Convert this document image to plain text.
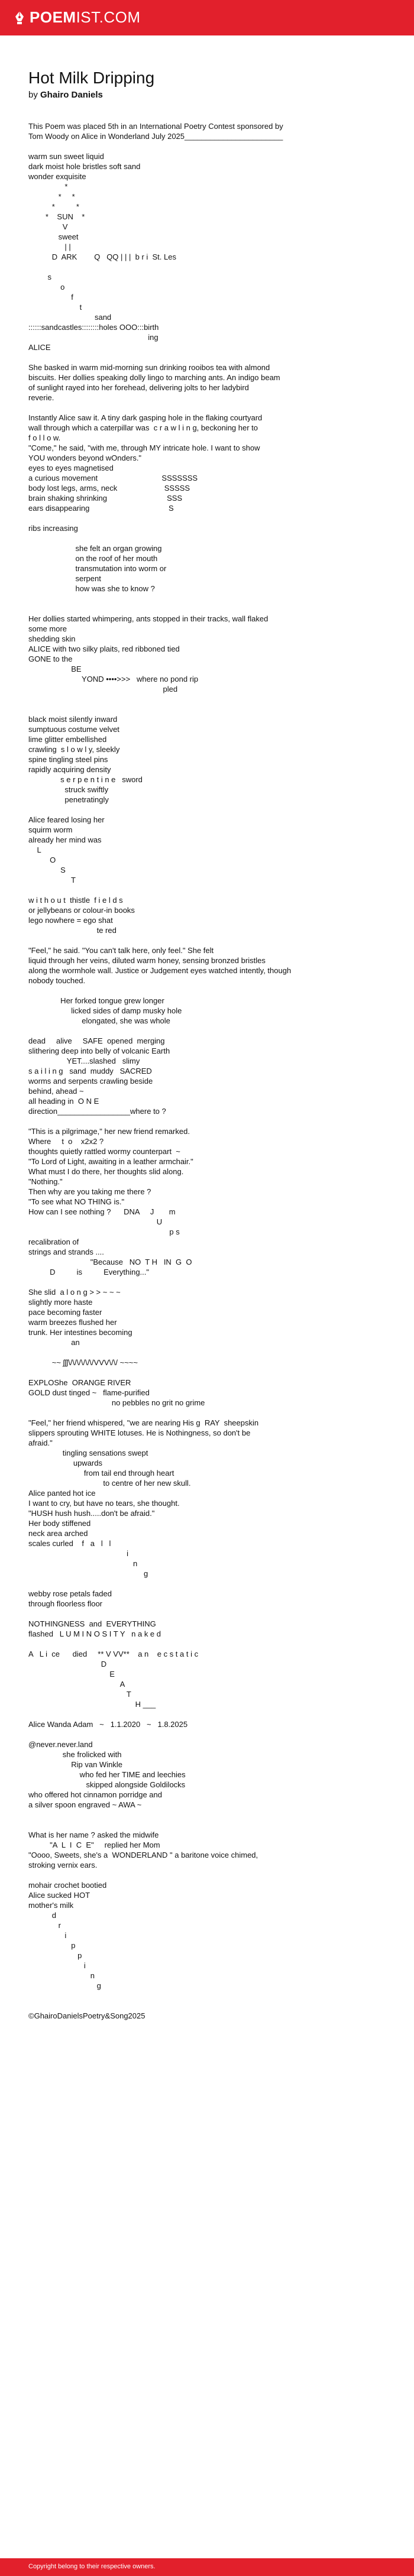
POEMIST.COM
Hot Milk Dripping

by Ghairo Daniels

This Poem was placed 5th in an International Poetry Contest sponsored by
Tom Woody on Alice in Wonderland July 2025_______________________

warm sun sweet liquid
dark moist hole bristles soft sand
wonder exquisite
*
*     *
*          *
*    SUN    *
V
sweet
| |
D  ARK        Q   QQ | | |  b r i  St. Les

s
o
f
t
sand
::::::sandcastles::::::::holes OOO:::birth
ing
ALICE

She basked in warm mid-morning sun drinking rooibos tea with almond
biscuits. Her dollies speaking dolly lingo to marching ants. An indigo beam
of sunlight rayed into her forehead, delivering jolts to her ladybird
reverie.

Instantly Alice saw it. A tiny dark gasping hole in the flaking courtyard
wall through which a caterpillar was  c r a w l i n g, beckoning her to
f o l l o w.
"Come," he said, "with me, through MY intricate hole. I want to show
YOU wonders beyond wOnders."
eyes to eyes magnetised
a curious movement                              SSSSSSS
body lost legs, arms, neck                      SSSSS
brain shaking shrinking                            SSS
ears disappearing                                     S

ribs increasing

she felt an organ growing
on the roof of her mouth
transmutation into worm or
serpent
how was she to know ?

Her dollies started whimpering, ants stopped in their tracks, wall flaked
some more
shedding skin
ALICE with two silky plaits, red ribboned tied
GONE to the
BE
YOND ••••>>>   where no pond rip
pled

black moist silently inward
sumptuous costume velvet
lime glitter embellished
crawling  s l o w l y, sleekly
spine tingling steel pins
rapidly acquiring density
s e r p e n t i n e   sword
struck swiftly
penetratingly

Alice feared losing her
squirm worm
already her mind was
L
O
S
T

w i t h o u t  thistle  f i e l d s
or jellybeans or colour-in books
lego nowhere = ego shat
te red

"Feel," he said. "You can't talk here, only feel." She felt
liquid through her veins, diluted warm honey, sensing bronzed bristles
along the wormhole wall. Justice or Judgement eyes watched intently, though
nobody touched.

Her forked tongue grew longer
licked sides of damp musky hole
elongated, she was whole

dead     alive     SAFE  opened  merging
slithering deep into belly of volcanic Earth
YET....slashed   slimy
s a i l i n g   sand  muddy   SACRED
worms and serpents crawling beside
behind, ahead ~
all heading in  O N E
direction_________________where to ?

"This is a pilgrimage," her new friend remarked.
Where     t  o    x2x2 ?
thoughts quietly rattled wormy counterpart  ~
"To Lord of Light, awaiting in a leather armchair."
What must I do there, her thoughts slid along.
"Nothing."
Then why are you taking me there ?
"To see what NO THING is."
How can I see nothing ?      DNA     J       m
U
p s
recalibration of
strings and strands ....
"Because   NO  T H   IN  G  O
D          is          Everything..."

She slid  a l o n g > > ~ ~ ~
slightly more haste
pace becoming faster
warm breezes flushed her
trunk. Her intestines becoming
an

~~ ʃʃʃ\/\/\/\/\/\/VVV\/\/ ~~~~

EXPLOShe  ORANGE RIVER
GOLD dust tinged ~   flame-purified
no pebbles no grit no grime

"Feel," her friend whispered, "we are nearing His g  RAY  sheepskin
slippers sprouting WHITE lotuses. He is Nothingness, so don't be
afraid."
tingling sensations swept
upwards
from tail end through heart
to centre of her new skull.
Alice panted hot ice
I want to cry, but have no tears, she thought.
"HUSH hush hush.....don't be afraid."
Her body stiffened
neck area arched
scales curled    f   a   l   l
i
n
g

webby rose petals faded
through floorless floor

NOTHINGNESS  and  EVERYTHING
flashed   L U M I N O S I T Y   n a k e d

A   L i  ce      died     ** V VV**    a n    e c s t a t i c
D
E
A
T
H ___

Alice Wanda Adam   ~   1.1.2020   ~   1.8.2025

@never.never.land
she frolicked with
Rip van Winkle
who fed her TIME and leechies
skipped alongside Goldilocks
who offered hot cinnamon porridge and
a silver spoon engraved ~ AWA ~

What is her name ? asked the midwife
"A  L  I  C  E"     replied her Mom
"Oooo, Sweets, she's a  WONDERLAND " a baritone voice chimed,
stroking vernix ears.

mohair crochet bootied
Alice sucked HOT
mother's milk
d
r
i
p
p
i
n
g

©GhairoDanielsPoetry&Song2025
Copyright belong to their respective owners.
